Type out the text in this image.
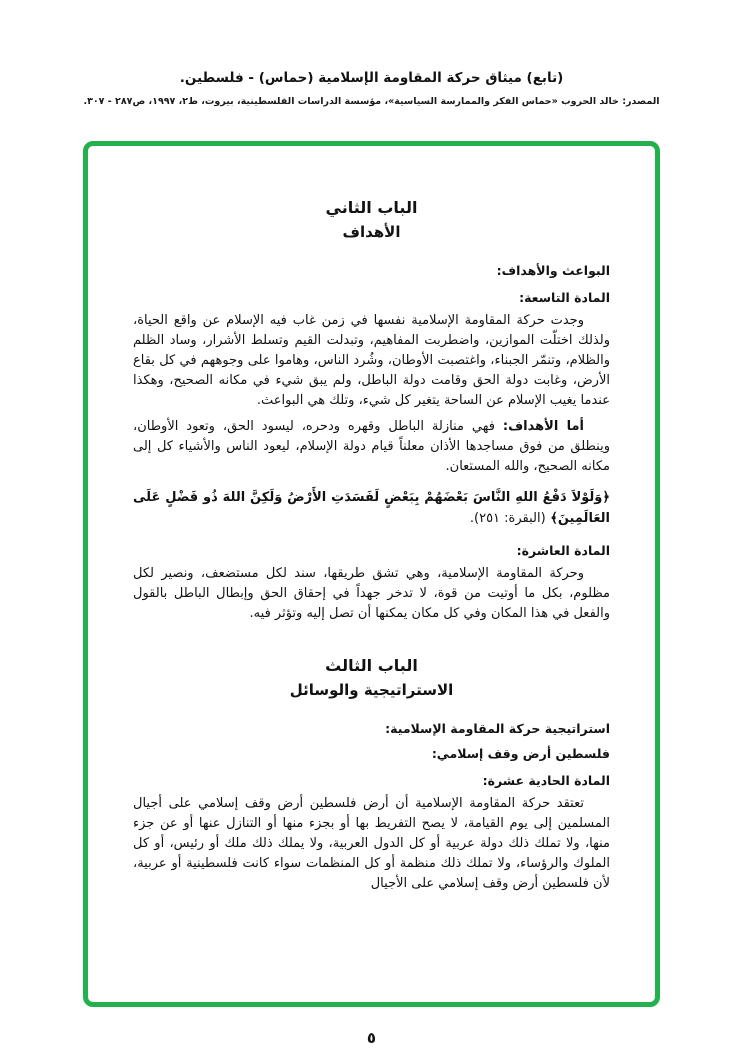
(تابع) ميثاق حركة المقاومة الإسلامية (حماس) - فلسطين.
المصدر: خالد الحروب «حماس الفكر والممارسة السياسية»، مؤسسة الدراسات الفلسطينية، بيروت، ط٢، ١٩٩٧، ص٢٨٧ - ٣٠٧.
الباب الثاني
الأهداف
البواعث والأهداف:
المادة التاسعة:

وجدت حركة المقاومة الإسلامية نفسها في زمن غاب فيه الإسلام عن واقع الحياة، ولذلك اختلّت الموازين، واضطربت المفاهيم، وتبدلت القيم وتسلط الأشرار، وساد الظلم والظلام، وتنمّر الجبناء، واغتصبت الأوطان، وشُرد الناس، وهاموا على وجوههم في كل بقاع الأرض، وغابت دولة الحق وقامت دولة الباطل، ولم يبق شيء في مكانه الصحيح، وهكذا عندما يغيب الإسلام عن الساحة يتغير كل شيء، وتلك هي البواعث.

أما الأهداف: فهي منازلة الباطل وقهره ودحره، ليسود الحق، وتعود الأوطان، وينطلق من فوق مساجدها الأذان معلناً قيام دولة الإسلام، ليعود الناس والأشياء كل إلى مكانه الصحيح، والله المستعان.

﴿وَلَوْلاَ دَفْعُ اللهِ النَّاسَ بَعْضَهُمْ بِبَعْضٍ لَفَسَدَتِ الأَرْضُ وَلَكِنَّ اللهَ ذُو فَضْلٍ عَلَى العَالَمِينَ﴾ (البقرة: ٢٥١).

المادة العاشرة:

وحركة المقاومة الإسلامية، وهي تشق طريقها، سند لكل مستضعف، ونصير لكل مظلوم، بكل ما أوتيت من قوة، لا تدخر جهداً في إحقاق الحق وإبطال الباطل بالقول والفعل في هذا المكان وفي كل مكان يمكنها أن تصل إليه وتؤثر فيه.

الباب الثالث
الاستراتيجية والوسائل
استراتيجية حركة المقاومة الإسلامية:
فلسطين أرض وقف إسلامي:
المادة الحادية عشرة:

تعتقد حركة المقاومة الإسلامية أن أرض فلسطين أرض وقف إسلامي على أجيال المسلمين إلى يوم القيامة، لا يصح التفريط بها أو بجزء منها أو التنازل عنها أو عن جزء منها، ولا تملك ذلك دولة عربية أو كل الدول العربية، ولا يملك ذلك ملك أو رئيس، أو كل الملوك والرؤساء، ولا تملك ذلك منظمة أو كل المنظمات سواء كانت فلسطينية أو عربية، لأن فلسطين أرض وقف إسلامي على الأجيال

٥
